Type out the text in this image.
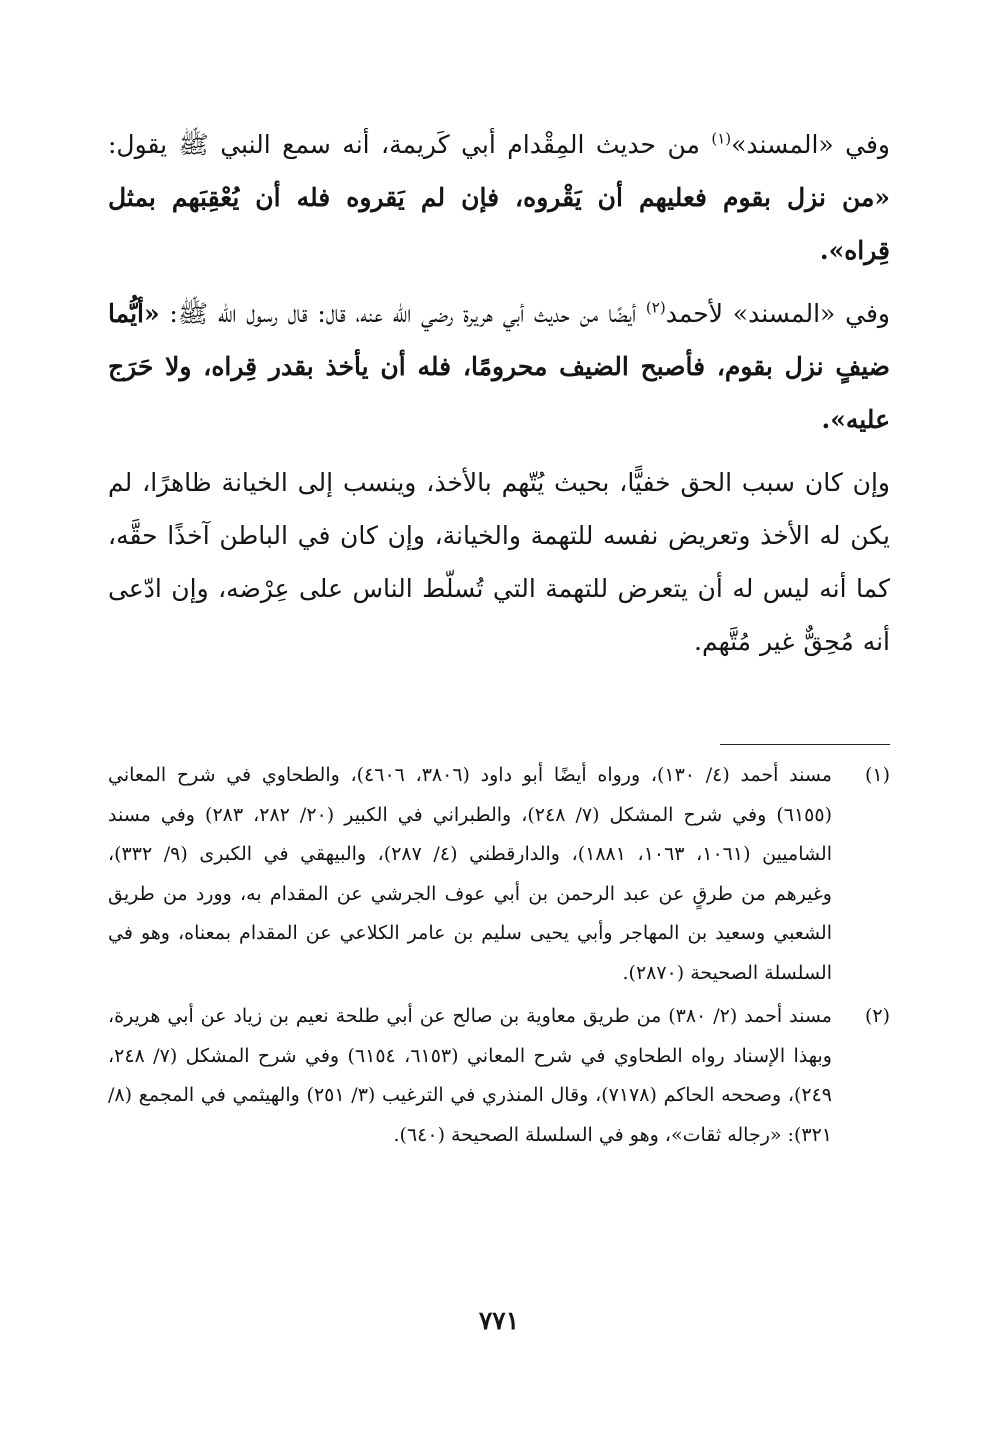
وفي «المسند»$^{(١)}$ من حديث المِقْدام أبي كَريمة، أنه سمع النبي ﷺ يقول: «من نزل بقوم فعليهم أن يَقْروه، فإن لم يَقروه فله أن يُعْقِبَهم بمثل قِراه».

وفي «المسند» لأحمد$^{(٢)}$ أيضًا من حديث أبي هريرة رضي الله عنه، قال: قال رسول الله ﷺ: «أيُّما ضيفٍ نزل بقوم، فأصبح الضيف محرومًا، فله أن يأخذ بقدر قِراه، ولا حَرَج عليه».

وإن كان سبب الحق خفيًّا، بحيث يُتّهم بالأخذ، وينسب إلى الخيانة ظاهرًا، لم يكن له الأخذ وتعريض نفسه للتهمة والخيانة، وإن كان في الباطن آخذًا حقَّه، كما أنه ليس له أن يتعرض للتهمة التي تُسلّط الناس على عِرْضه، وإن ادّعى أنه مُحِقٌّ غير مُتَّهم.

(١)
مسند أحمد (٤/ ١٣٠)، ورواه أيضًا أبو داود (٣٨٠٦، ٤٦٠٦)، والطحاوي في شرح المعاني (٦١٥٥) وفي شرح المشكل (٧/ ٢٤٨)، والطبراني في الكبير (٢٠/ ٢٨٢، ٢٨٣) وفي مسند الشاميين (١٠٦١، ١٠٦٣، ١٨٨١)، والدارقطني (٤/ ٢٨٧)، والبيهقي في الكبرى (٩/ ٣٣٢)، وغيرهم من طرقٍ عن عبد الرحمن بن أبي عوف الجرشي عن المقدام به، وورد من طريق الشعبي وسعيد بن المهاجر وأبي يحيى سليم بن عامر الكلاعي عن المقدام بمعناه، وهو في السلسلة الصحيحة (٢٨٧٠).
(٢)
مسند أحمد (٢/ ٣٨٠) من طريق معاوية بن صالح عن أبي طلحة نعيم بن زياد عن أبي هريرة، وبهذا الإسناد رواه الطحاوي في شرح المعاني (٦١٥٣، ٦١٥٤) وفي شرح المشكل (٧/ ٢٤٨، ٢٤٩)، وصححه الحاكم (٧١٧٨)، وقال المنذري في الترغيب (٣/ ٢٥١) والهيثمي في المجمع (٨/ ٣٢١): «رجاله ثقات»، وهو في السلسلة الصحيحة (٦٤٠).
٧٧١
